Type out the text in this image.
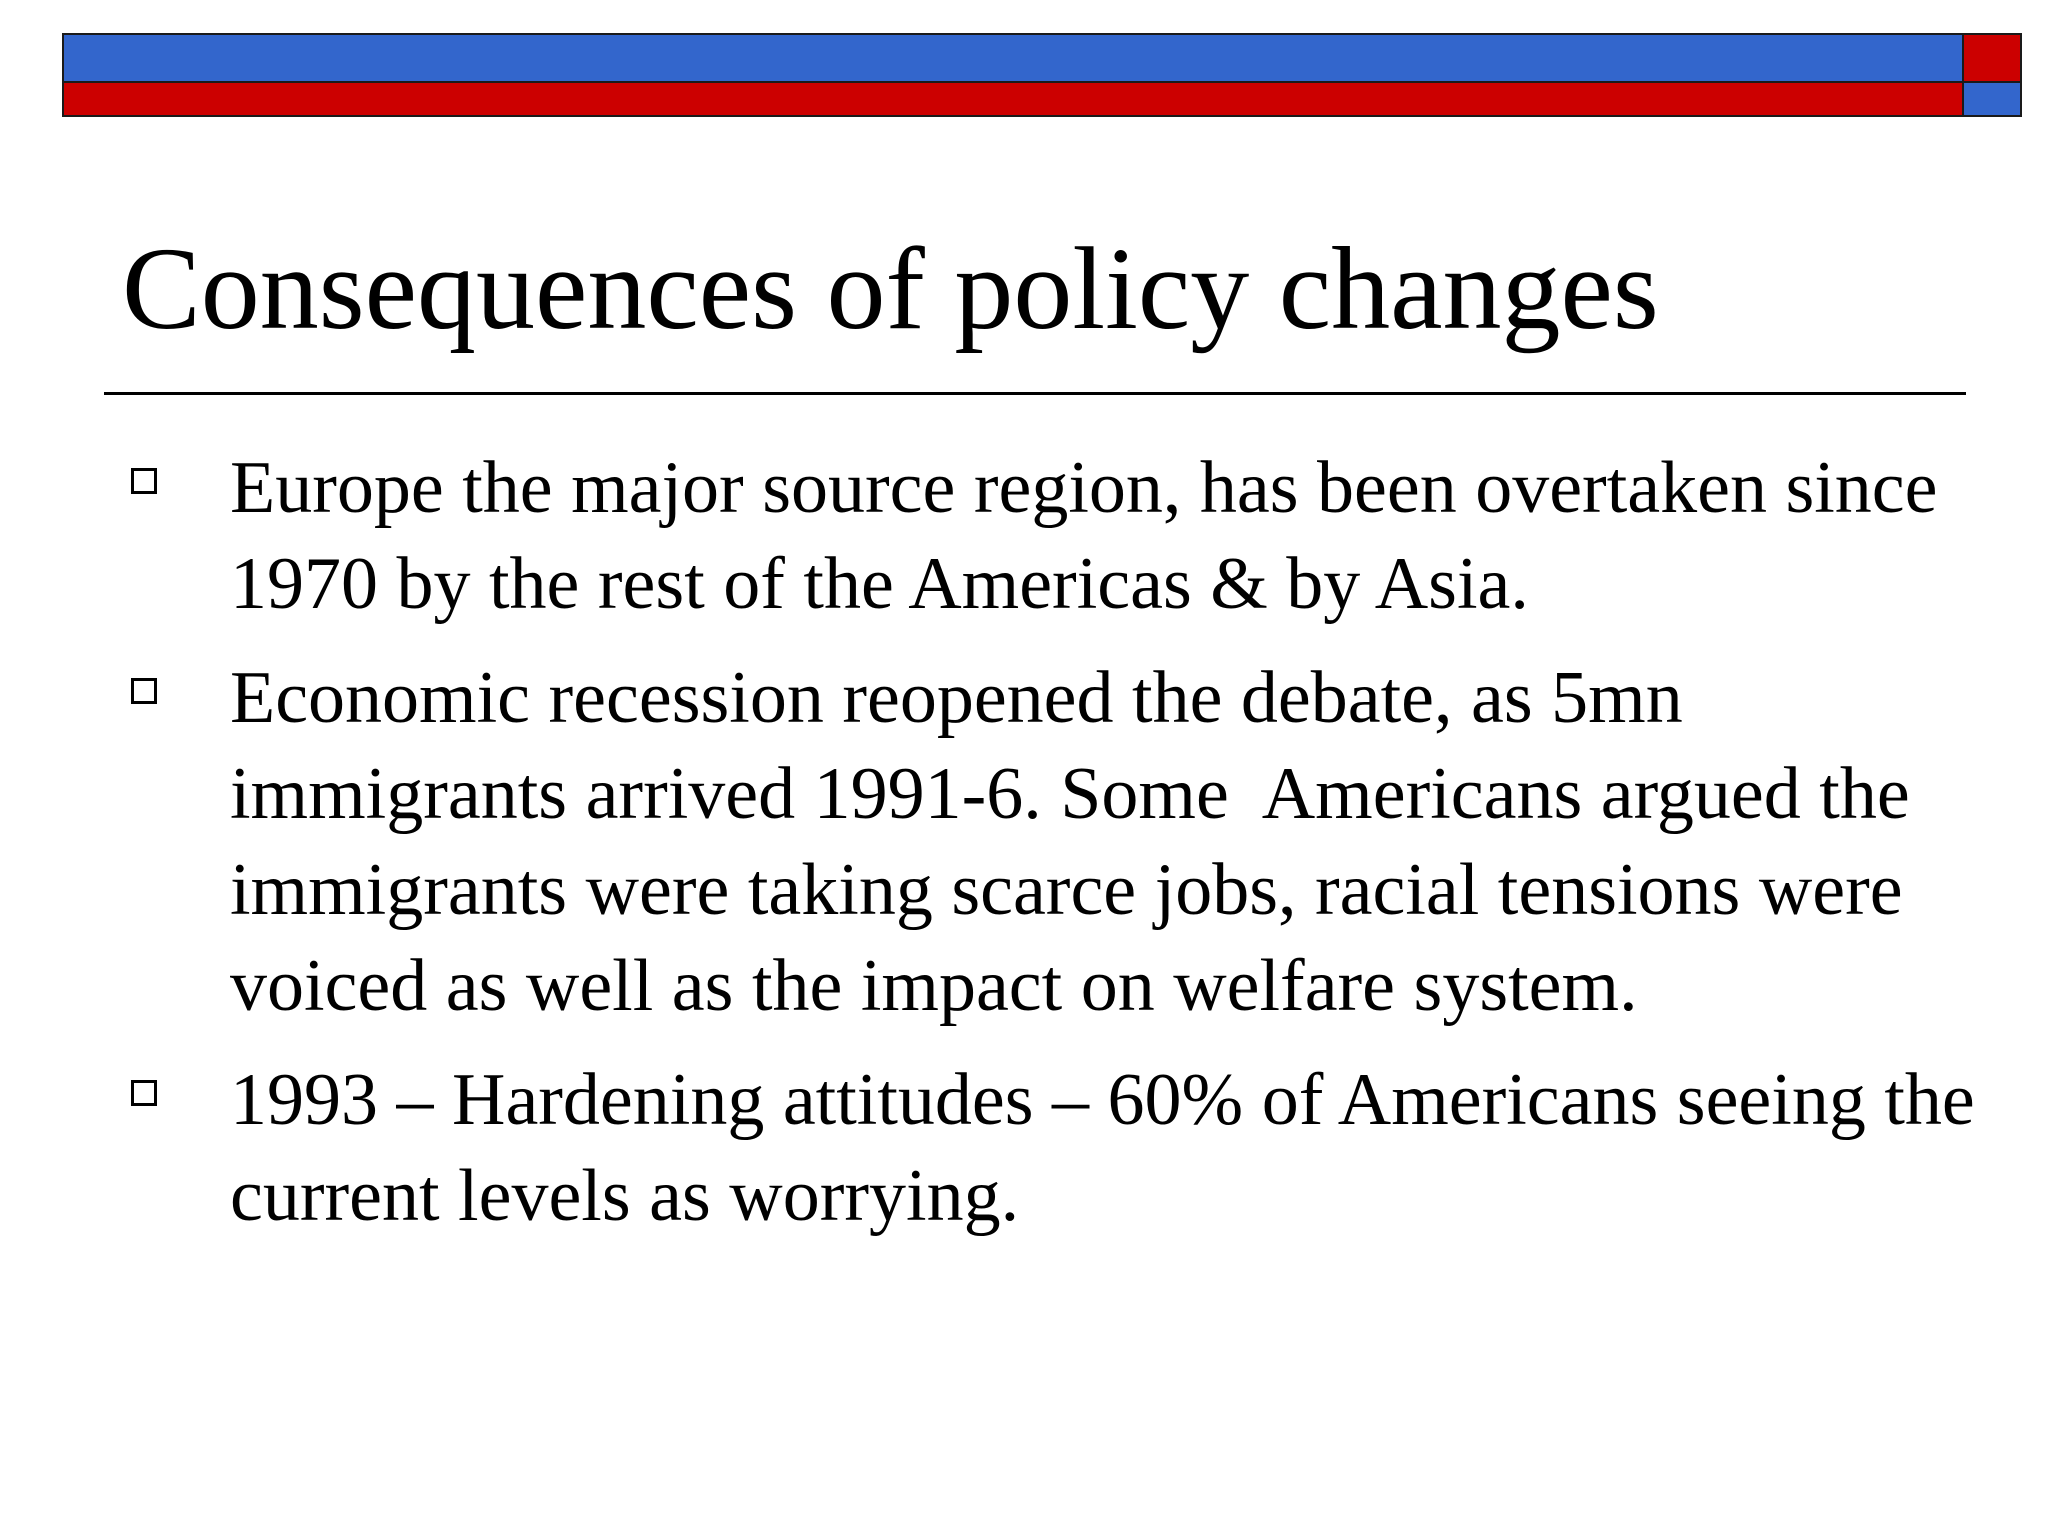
Consequences of policy changes
Europe the major source region, has been overtaken since 1970 by the rest of the Americas & by Asia.
Economic recession reopened the debate, as 5mn immigrants arrived 1991-6. Some  Americans argued the immigrants were taking scarce jobs, racial tensions were voiced as well as the impact on welfare system.
1993 – Hardening attitudes – 60% of Americans seeing the current levels as worrying.
